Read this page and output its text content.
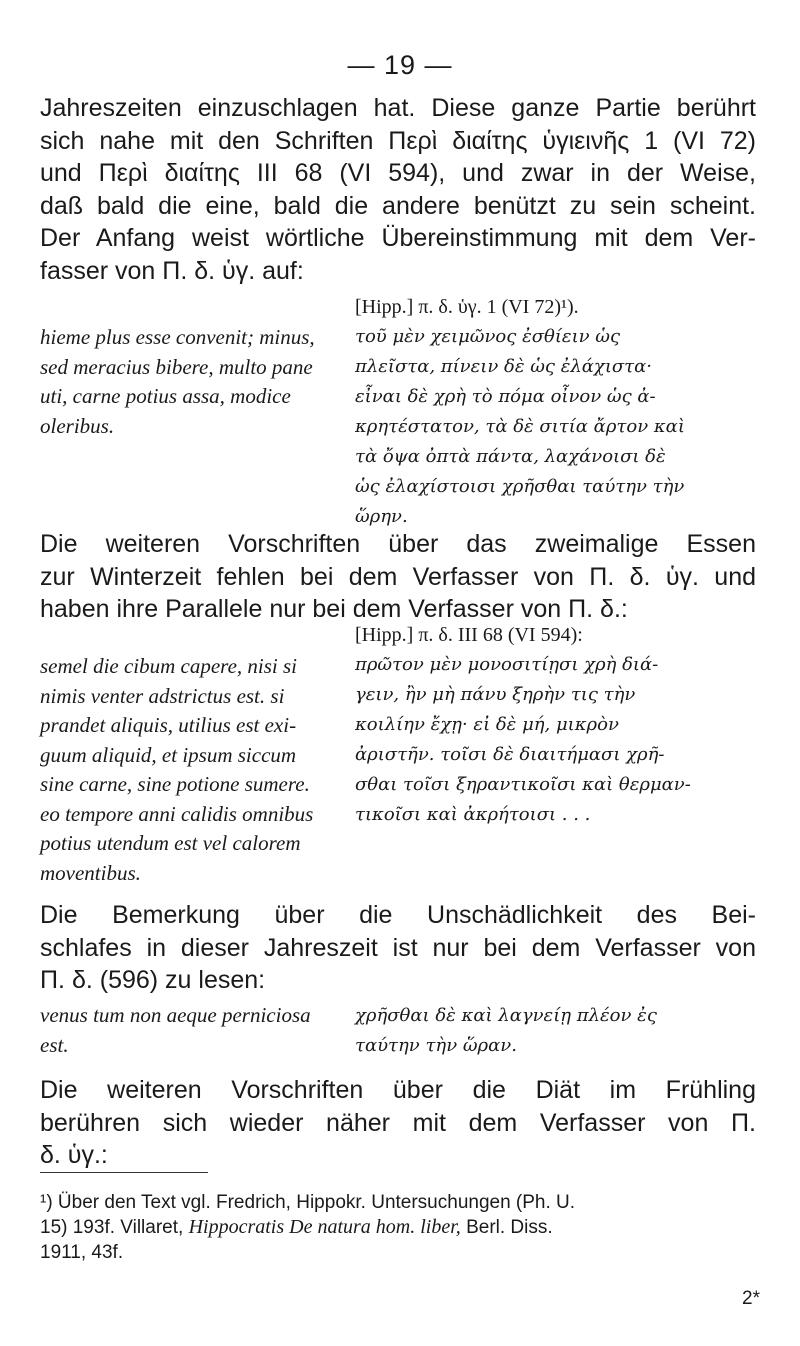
— 19 —
Jahreszeiten einzuschlagen hat. Diese ganze Partie berührt
sich nahe mit den Schriften Περὶ διαίτης ὑγιεινῆς 1 (VI 72)
und Περὶ διαίτης III 68 (VI 594), und zwar in der Weise,
daß bald die eine, bald die andere benützt zu sein scheint.
Der Anfang weist wörtliche Übereinstimmung mit dem Ver-
fasser von Π. δ. ὑγ. auf:
hieme plus esse convenit; minus,
sed meracius bibere, multo pane
uti, carne potius assa, modice
oleribus.
[Hipp.] π. δ. ὑγ. 1 (VI 72)¹).
τοῦ μὲν χειμῶνος ἐσθίειν ὡς
πλεῖστα, πίνειν δὲ ὡς ἐλάχιστα·
εἶναι δὲ χρὴ τὸ πόμα οἶνον ὡς ἀ-
κρητέστατον, τὰ δὲ σιτία ἄρτον καὶ
τὰ ὄψα ὀπτὰ πάντα, λαχάνοισι δὲ
ὡς ἐλαχίστοισι χρῆσθαι ταύτην τὴν
ὥρην.
Die weiteren Vorschriften über das zweimalige Essen
zur Winterzeit fehlen bei dem Verfasser von Π. δ. ὑγ. und
haben ihre Parallele nur bei dem Verfasser von Π. δ.:
semel die cibum capere, nisi si
nimis venter adstrictus est. si
prandet aliquis, utilius est exi-
guum aliquid, et ipsum siccum
sine carne, sine potione sumere.
eo tempore anni calidis omnibus
potius utendum est vel calorem
moventibus.
[Hipp.] π. δ. III 68 (VI 594):
πρῶτον μὲν μονοσιτίῃσι χρὴ διά-
γειν, ἢν μὴ πάνυ ξηρὴν τις τὴν
κοιλίην ἔχῃ· εἰ δὲ μή, μικρὸν
ἀριστῆν. τοῖσι δὲ διαιτήμασι χρῆ-
σθαι τοῖσι ξηραντικοῖσι καὶ θερμαν-
τικοῖσι καὶ ἀκρήτοισι . . .
Die Bemerkung über die Unschädlichkeit des Bei-
schlafes in dieser Jahreszeit ist nur bei dem Verfasser von
Π. δ. (596) zu lesen:
venus tum non aeque perniciosa
est.
χρῆσθαι δὲ καὶ λαγνείῃ πλέον ἐς
ταύτην τὴν ὥραν.
Die weiteren Vorschriften über die Diät im Frühling
berühren sich wieder näher mit dem Verfasser von Π.
δ. ὑγ.:
¹) Über den Text vgl. Fredrich, Hippokr. Untersuchungen (Ph. U.
15) 193f. Villaret, Hippocratis De natura hom. liber, Berl. Diss.
1911, 43f.
2*
